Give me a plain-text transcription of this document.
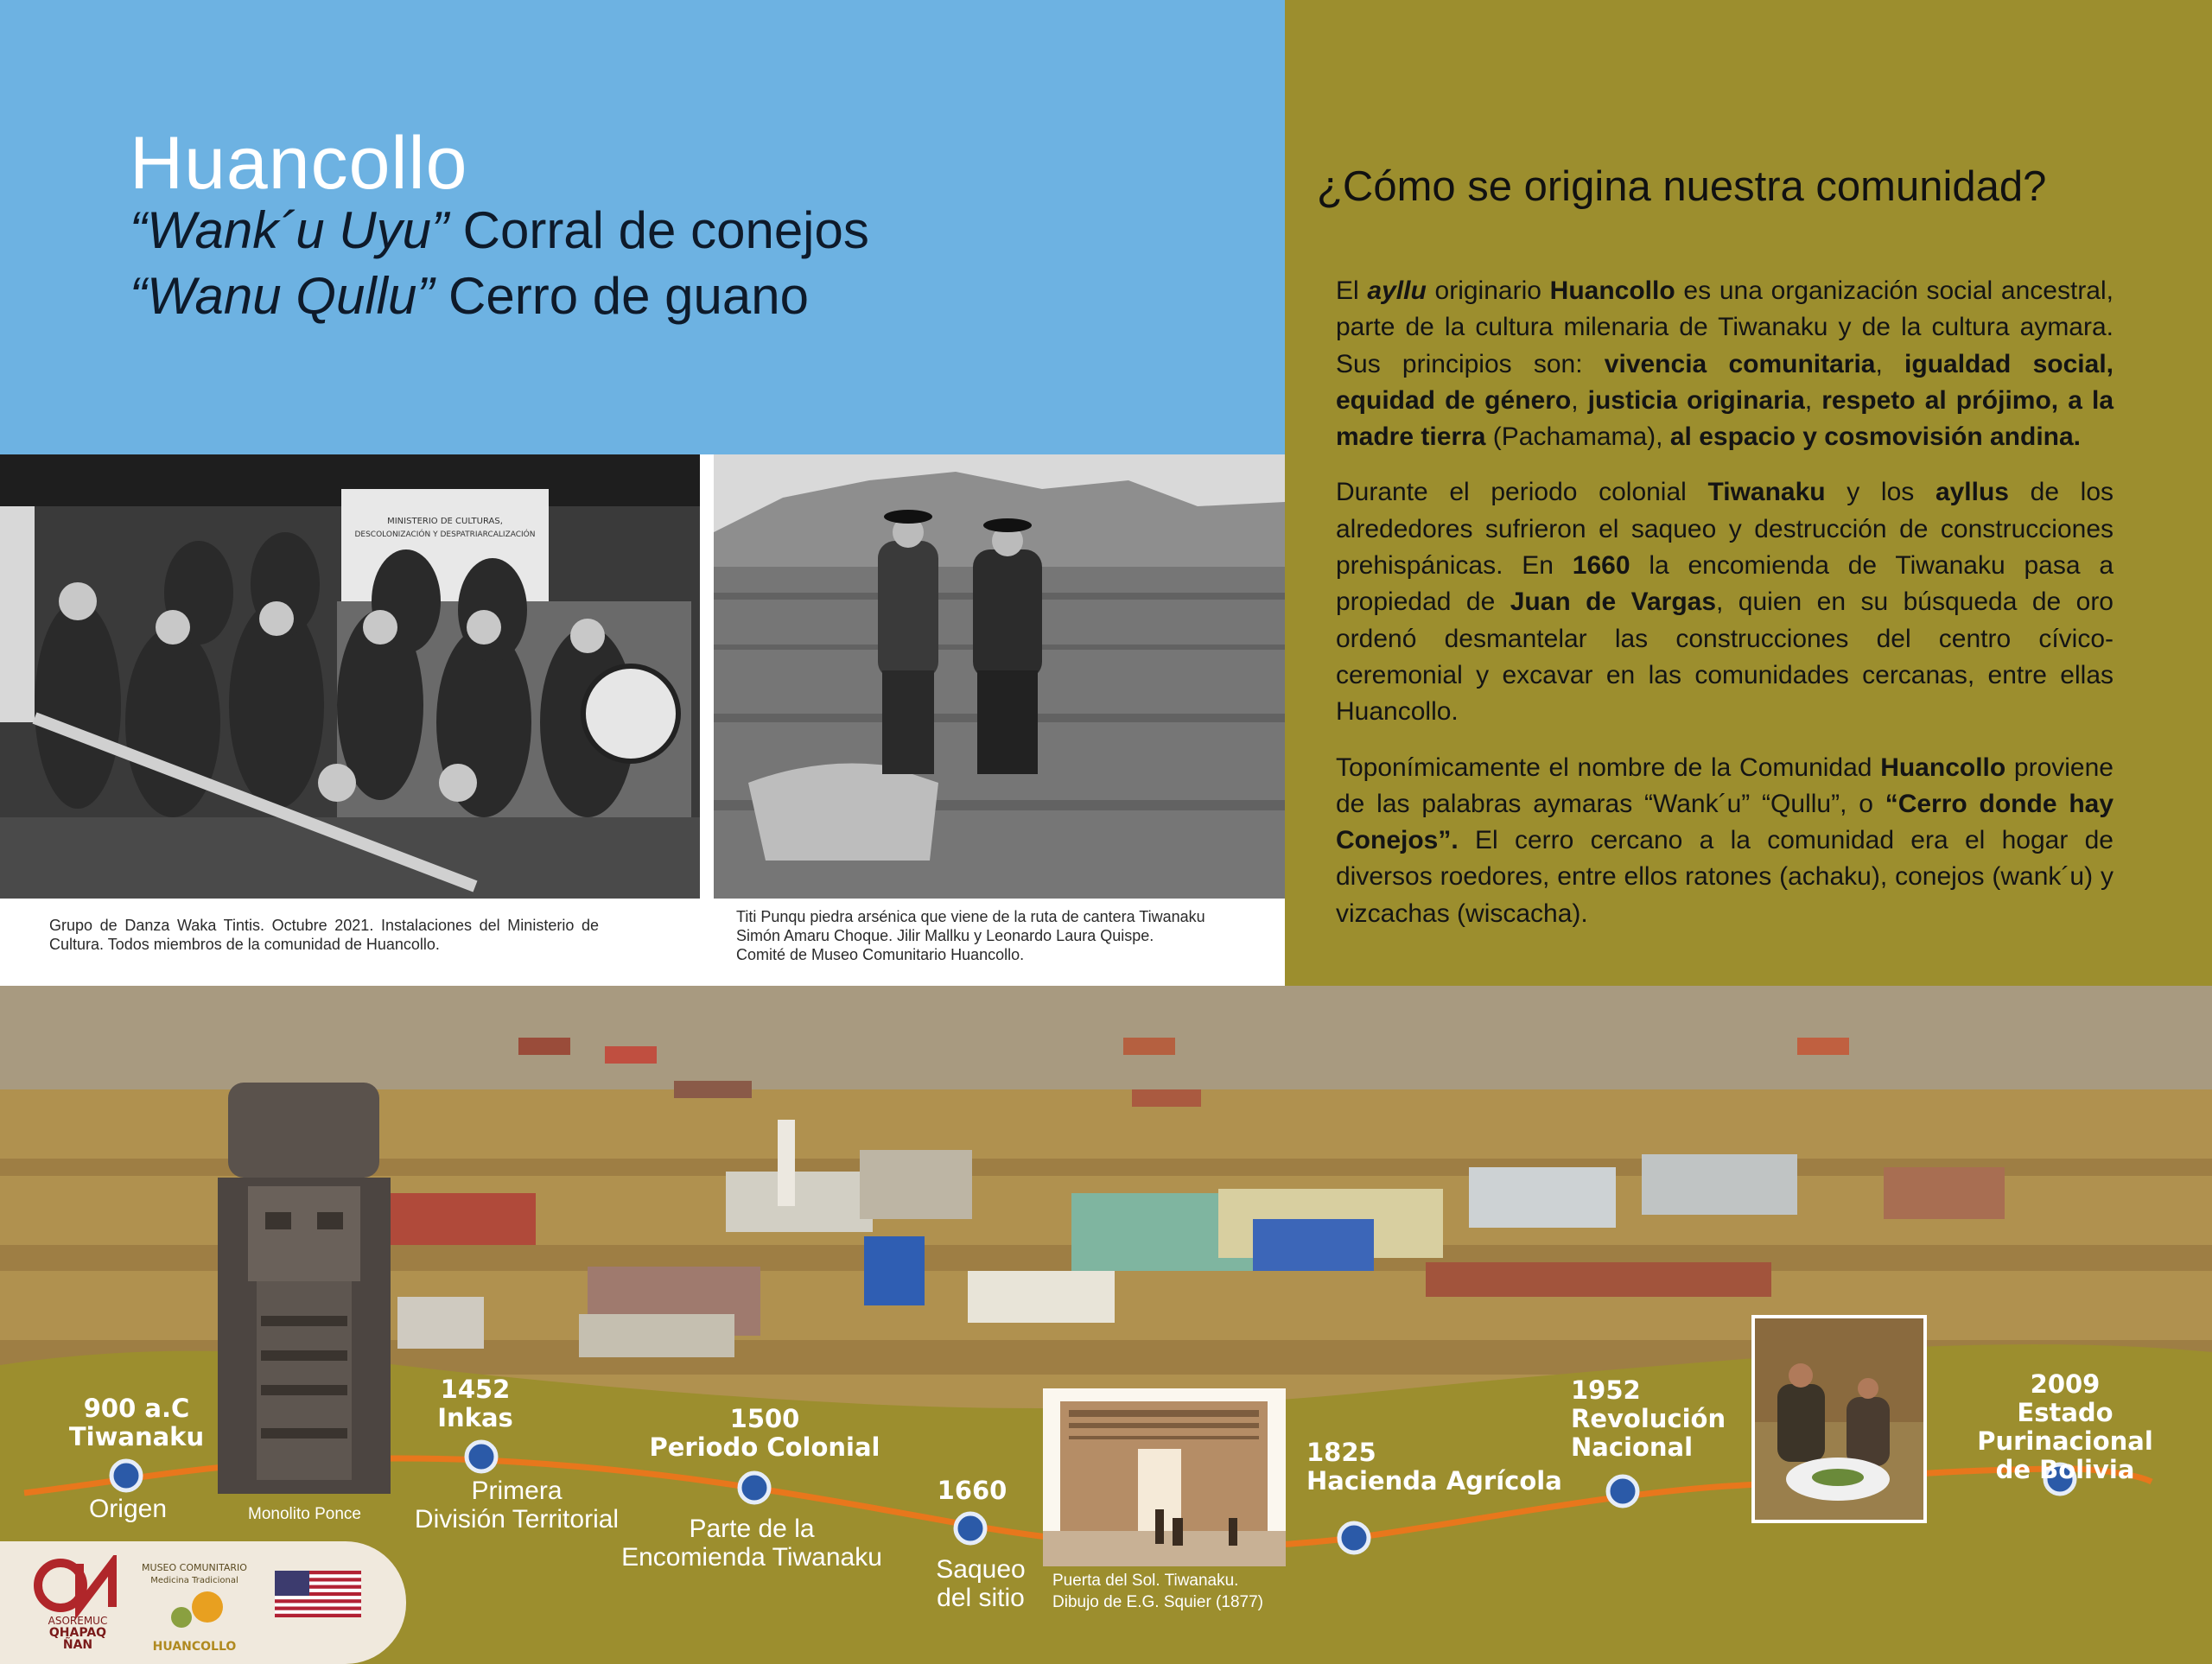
Huancollo
“Wank´u Uyu” Corral de conejos
“Wanu Qullu” Cerro de guano
¿Cómo se origina nuestra comunidad?

El ayllu originario Huancollo es una organización social ancestral, parte de la cultura milenaria de Tiwanaku y de la cultura aymara. Sus principios son: vivencia comunitaria, igualdad social, equidad de género, justicia originaria, respeto al prójimo, a la madre tierra (Pachamama), al espacio y cosmovisión andina.

Durante el periodo colonial Tiwanaku y los ayllus de los alrededores sufrieron el saqueo y destrucción de construcciones prehispánicas. En 1660 la encomienda de Tiwanaku pasa a propiedad de Juan de Vargas, quien en su búsqueda de oro ordenó desmantelar las construcciones del centro cívico-ceremonial y excavar en las comunidades cercanas, entre ellas Huancollo.

Toponímicamente el nombre de la Comunidad Huancollo proviene de las palabras aymaras “Wank´u” “Qullu”, o “Cerro donde hay Conejos”. El cerro cercano a la comunidad era el hogar de diversos roedores, entre ellos ratones (achaku), conejos (wank´u) y vizcachas (wiscacha).

MINISTERIO DE CULTURAS,
DESCOLONIZACIÓN Y DESPATRIARCALIZACIÓN
Grupo de Danza Waka Tintis. Octubre 2021. Instalaciones del Ministerio de Cultura. Todos miembros de la comunidad de Huancollo.
Titi Punqu piedra arsénica que viene de la ruta de cantera Tiwanaku
Simón Amaru Choque. Jilir Mallku y Leonardo Laura Quispe.
Comité de Museo Comunitario Huancollo.
900 a.C
Tiwanaku
Origen	Monolito Ponce
1452
Inkas
Primera
División Territorial
1500
Periodo Colonial
Parte de la
Encomienda Tiwanaku
1660
Saqueo
del sitio
Puerta del Sol. Tiwanaku.
Dibujo de E.G. Squier (1877)
1825
Hacienda Agrícola
1952
Revolución
Nacional
2009
Estado Purinacional
de Bolivia
ASOREMUC
QHAPAQ
ÑAN
MUSEO COMUNITARIO
Medicina Tradicional
HUANCOLLO
